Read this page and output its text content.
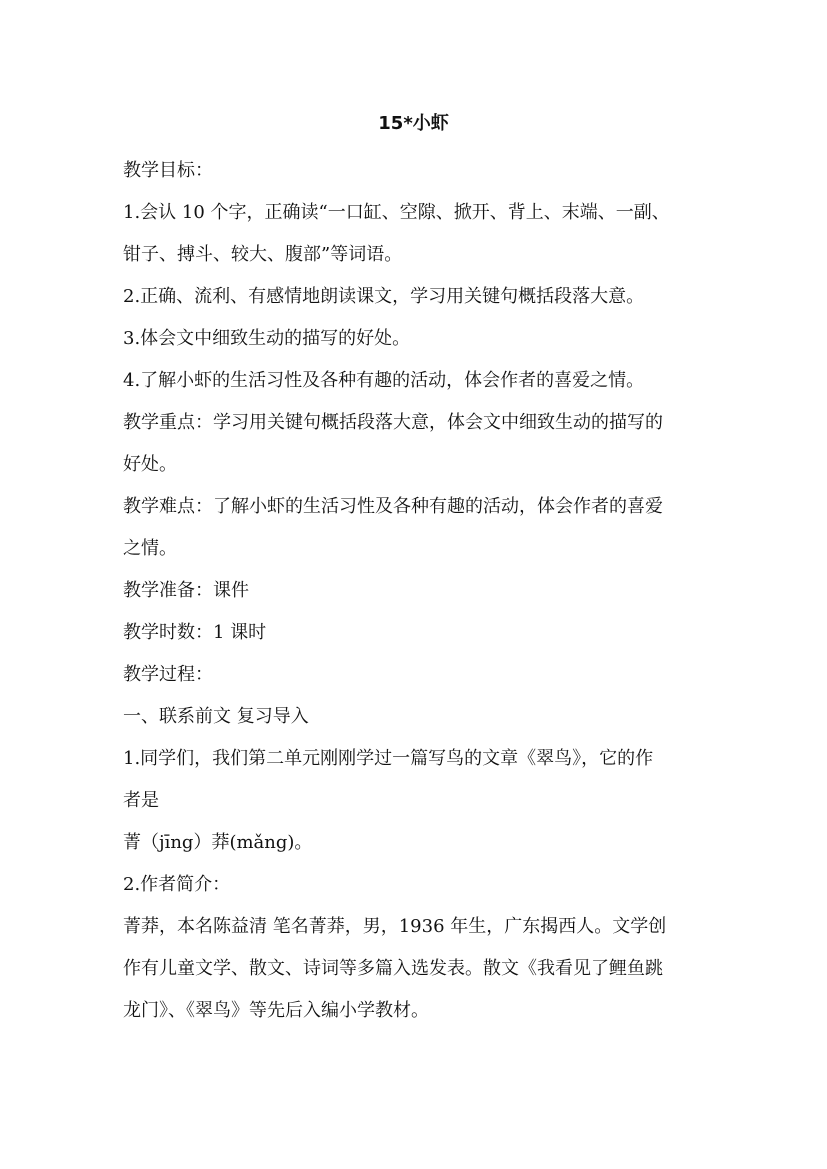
15*小虾

教学目标：

1.会认 10 个字，正确读“一口缸、空隙、掀开、背上、末端、一副、

钳子、搏斗、较大、腹部”等词语。

2.正确、流利、有感情地朗读课文，学习用关键句概括段落大意。

3.体会文中细致生动的描写的好处。

4.了解小虾的生活习性及各种有趣的活动，体会作者的喜爱之情。

教学重点：学习用关键句概括段落大意，体会文中细致生动的描写的

好处。

教学难点：了解小虾的生活习性及各种有趣的活动，体会作者的喜爱

之情。

教学准备：课件

教学时数：1 课时

教学过程：

一、联系前文 复习导入

1.同学们，我们第二单元刚刚学过一篇写鸟的文章《翠鸟》，它的作

者是

菁（jīng）莽(mǎng)。

2.作者简介：

菁莽，本名陈益清 笔名菁莽，男，1936 年生，广东揭西人。文学创

作有儿童文学、散文、诗词等多篇入选发表。散文《我看见了鲤鱼跳

龙门》、《翠鸟》等先后入编小学教材。
